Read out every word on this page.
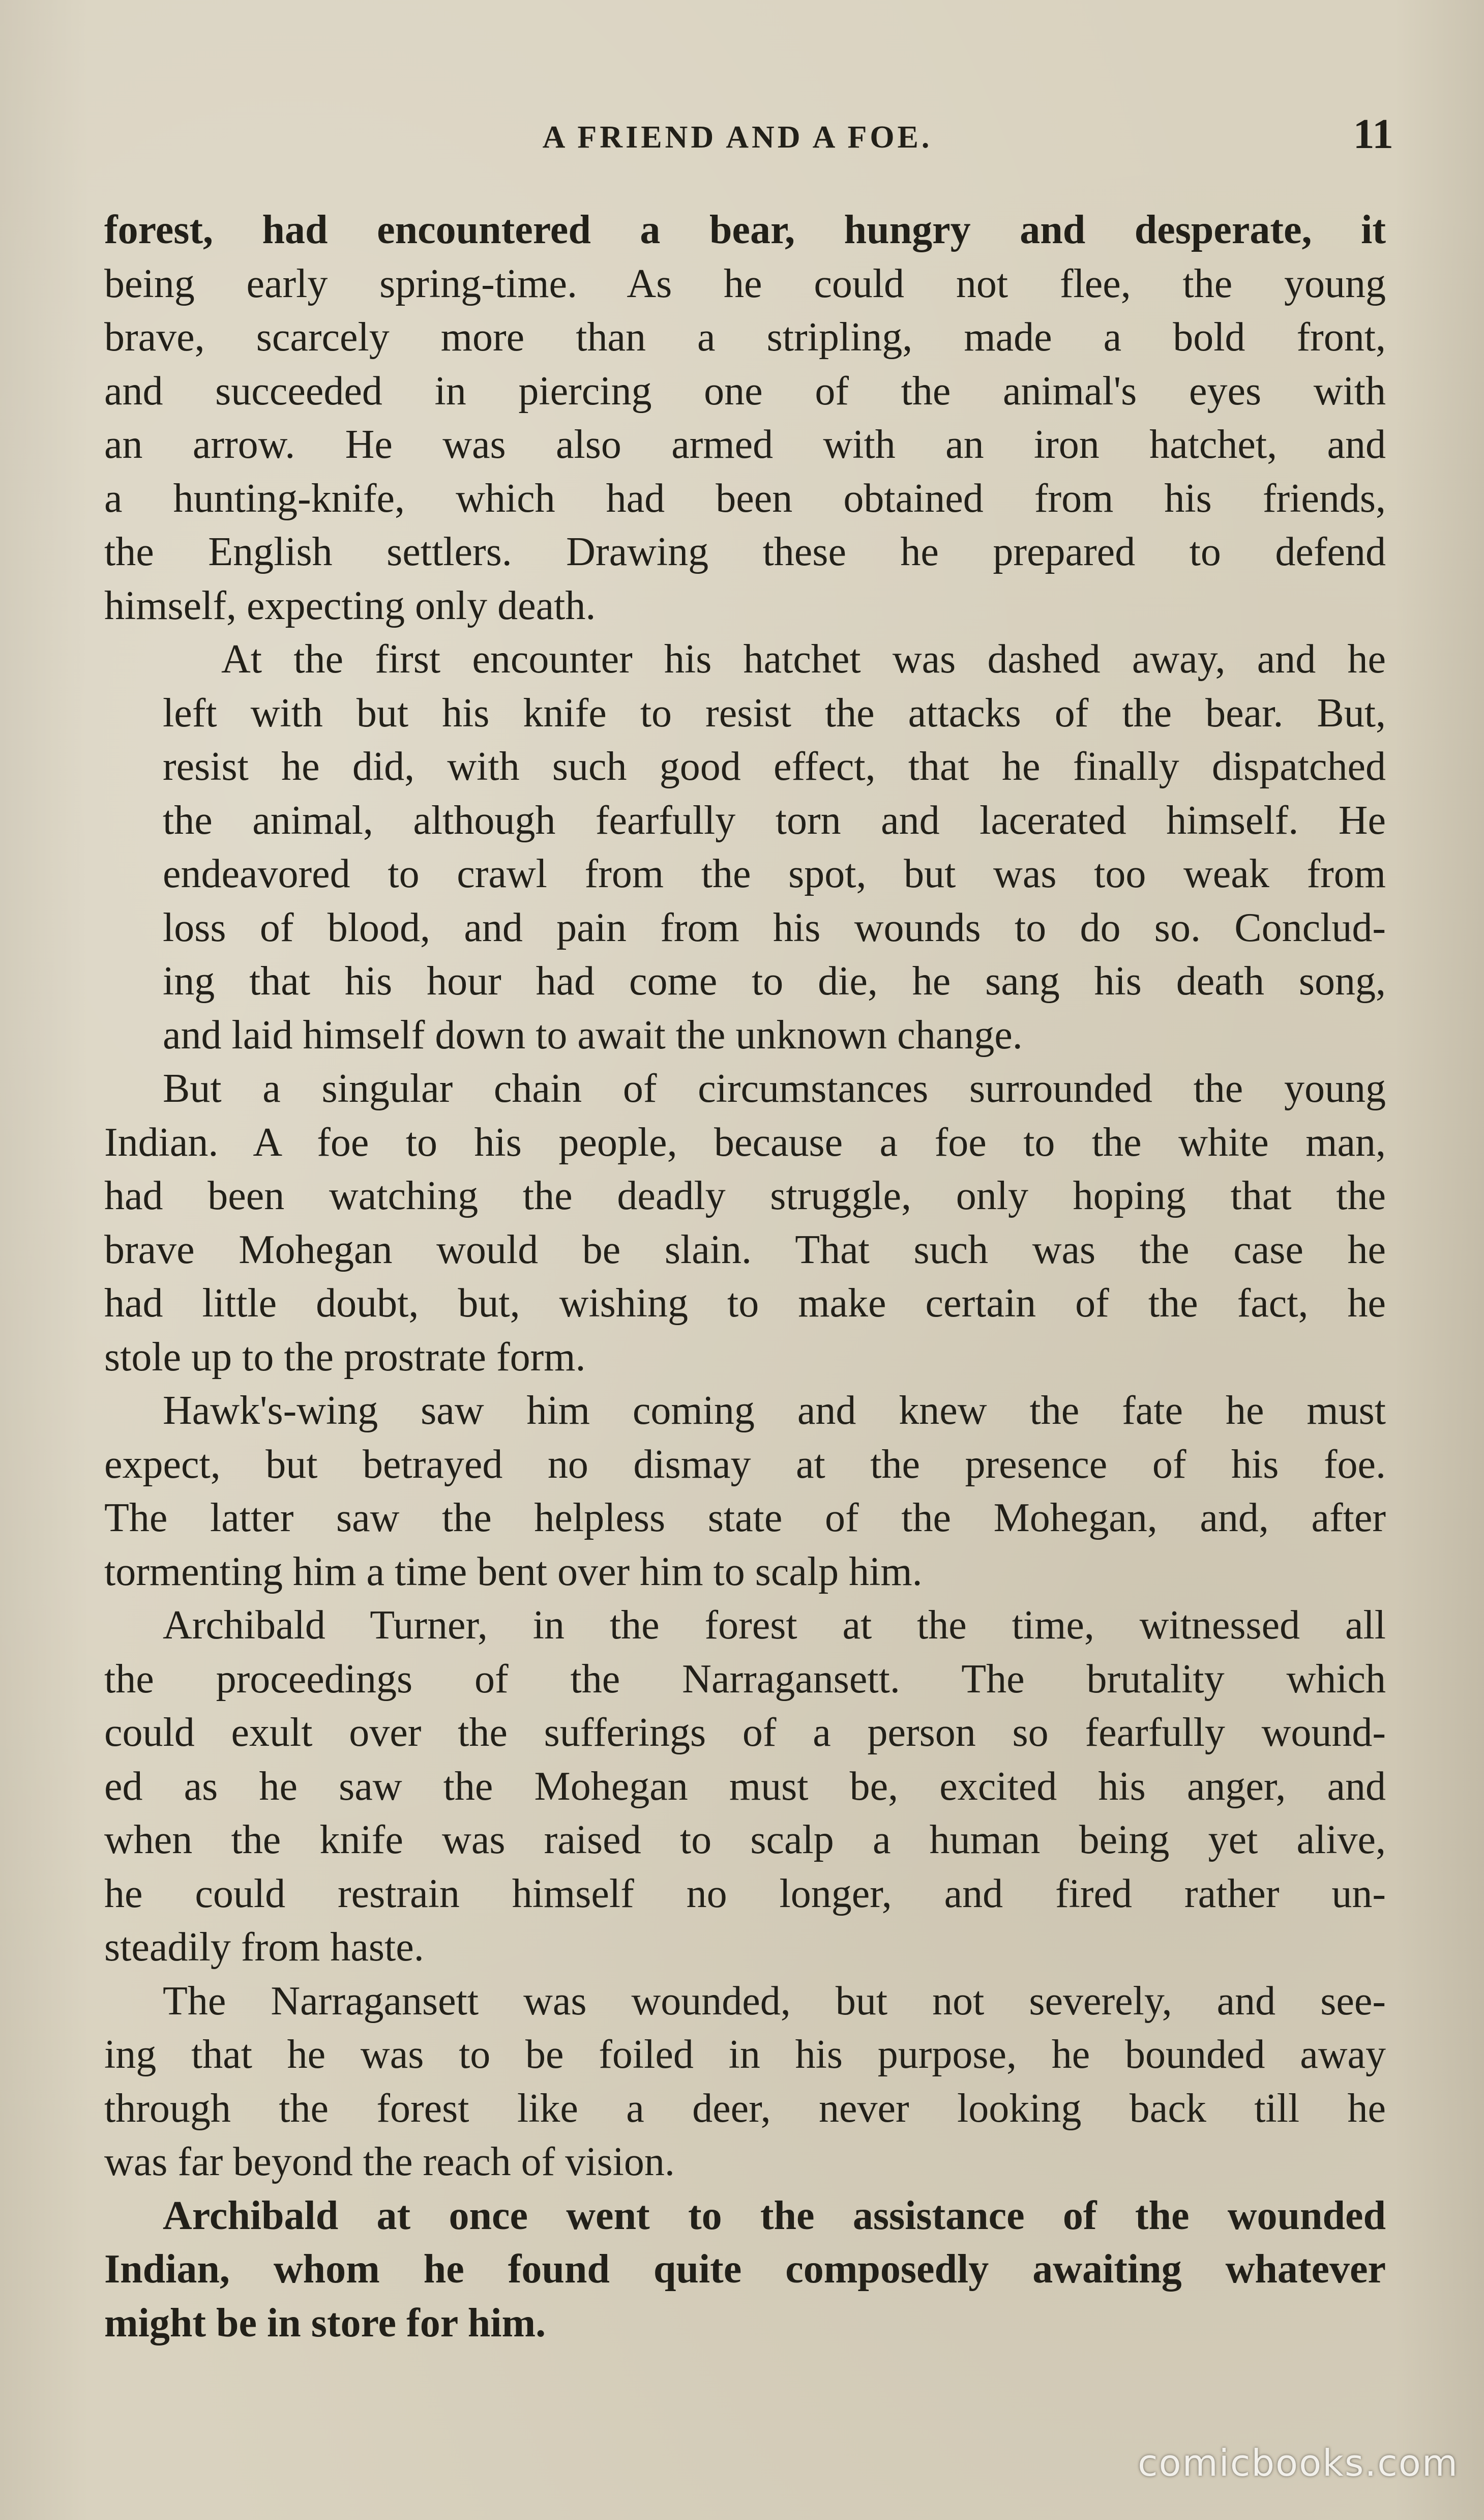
A FRIEND AND A FOE.	11

forest, had encountered a bear, hungry and desperate, it
being early spring-time. As he could not flee, the young
brave, scarcely more than a stripling, made a bold front,
and succeeded in piercing one of the animal's eyes with
an arrow. He was also armed with an iron hatchet, and
a hunting-knife, which had been obtained from his friends,
the English settlers. Drawing these he prepared to defend
himself, expecting only death.

At the first encounter his hatchet was dashed away, and he
left with but his knife to resist the attacks of the bear. But,
resist he did, with such good effect, that he finally dispatched
the animal, although fearfully torn and lacerated himself. He
endeavored to crawl from the spot, but was too weak from
loss of blood, and pain from his wounds to do so. Conclud-
ing that his hour had come to die, he sang his death song,
and laid himself down to await the unknown change.

But a singular chain of circumstances surrounded the young
Indian. A foe to his people, because a foe to the white man,
had been watching the deadly struggle, only hoping that the
brave Mohegan would be slain. That such was the case he
had little doubt, but, wishing to make certain of the fact, he
stole up to the prostrate form.

Hawk's-wing saw him coming and knew the fate he must
expect, but betrayed no dismay at the presence of his foe.
The latter saw the helpless state of the Mohegan, and, after
tormenting him a time bent over him to scalp him.

Archibald Turner, in the forest at the time, witnessed all
the proceedings of the Narragansett. The brutality which
could exult over the sufferings of a person so fearfully wound-
ed as he saw the Mohegan must be, excited his anger, and
when the knife was raised to scalp a human being yet alive,
he could restrain himself no longer, and fired rather un-
steadily from haste.

The Narragansett was wounded, but not severely, and see-
ing that he was to be foiled in his purpose, he bounded away
through the forest like a deer, never looking back till he
was far beyond the reach of vision.

Archibald at once went to the assistance of the wounded
Indian, whom he found quite composedly awaiting whatever
might be in store for him.

comicbooks.com
